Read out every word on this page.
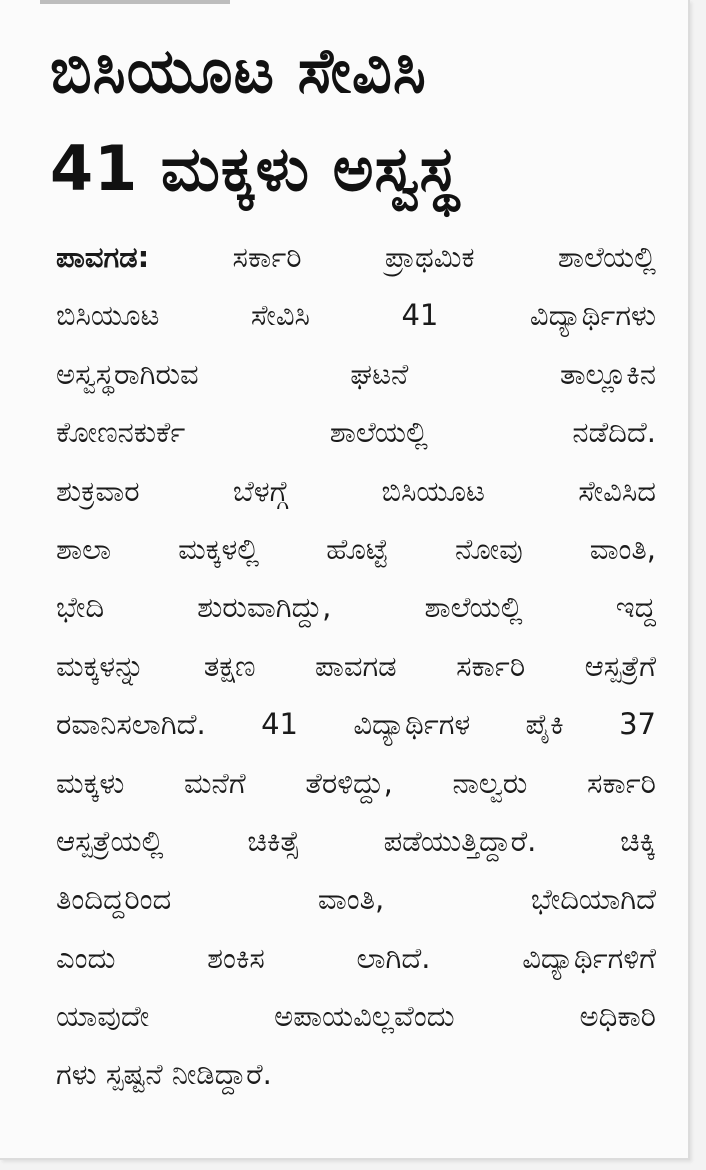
ಬಿಸಿಯೂಟ ಸೇವಿಸಿ
41 ಮಕ್ಕಳು ಅಸ್ವಸ್ಥ
ಪಾವಗಡ: ಸರ್ಕಾರಿ ಪ್ರಾಥಮಿಕ ಶಾಲೆಯಲ್ಲಿ
ಬಿಸಿಯೂಟ ಸೇವಿಸಿ 41 ವಿದ್ಯಾರ್ಥಿಗಳು
ಅಸ್ವಸ್ಥರಾಗಿರುವ ಘಟನೆ ತಾಲ್ಲೂಕಿನ
ಕೋಣನಕುರ್ಕೆ ಶಾಲೆಯಲ್ಲಿ ನಡೆದಿದೆ.
ಶುಕ್ರವಾರ ಬೆಳಗ್ಗೆ ಬಿಸಿಯೂಟ ಸೇವಿಸಿದ
ಶಾಲಾ ಮಕ್ಕಳಲ್ಲಿ ಹೊಟ್ಟೆ ನೋವು ವಾಂತಿ,
ಭೇದಿ ಶುರುವಾಗಿದ್ದು, ಶಾಲೆಯಲ್ಲಿ ಇದ್ದ
ಮಕ್ಕಳನ್ನು ತಕ್ಷಣ ಪಾವಗಡ ಸರ್ಕಾರಿ ಆಸ್ಪತ್ರೆಗೆ
ರವಾನಿಸಲಾಗಿದೆ. 41 ವಿದ್ಯಾರ್ಥಿಗಳ ಪೈಕಿ 37
ಮಕ್ಕಳು ಮನೆಗೆ ತೆರಳಿದ್ದು, ನಾಲ್ವರು ಸರ್ಕಾರಿ
ಆಸ್ಪತ್ರೆಯಲ್ಲಿ ಚಿಕಿತ್ಸೆ ಪಡೆಯುತ್ತಿದ್ದಾರೆ. ಚಿಕ್ಕಿ
ತಿಂದಿದ್ದರಿಂದ ವಾಂತಿ, ಭೇದಿಯಾಗಿದೆ
ಎಂದು ಶಂಕಿಸ ಲಾಗಿದೆ. ವಿದ್ಯಾರ್ಥಿಗಳಿಗೆ
ಯಾವುದೇ ಅಪಾಯವಿಲ್ಲವೆಂದು ಅಧಿಕಾರಿ
ಗಳು ಸ್ಪಷ್ಟನೆ ನೀಡಿದ್ದಾರೆ.
